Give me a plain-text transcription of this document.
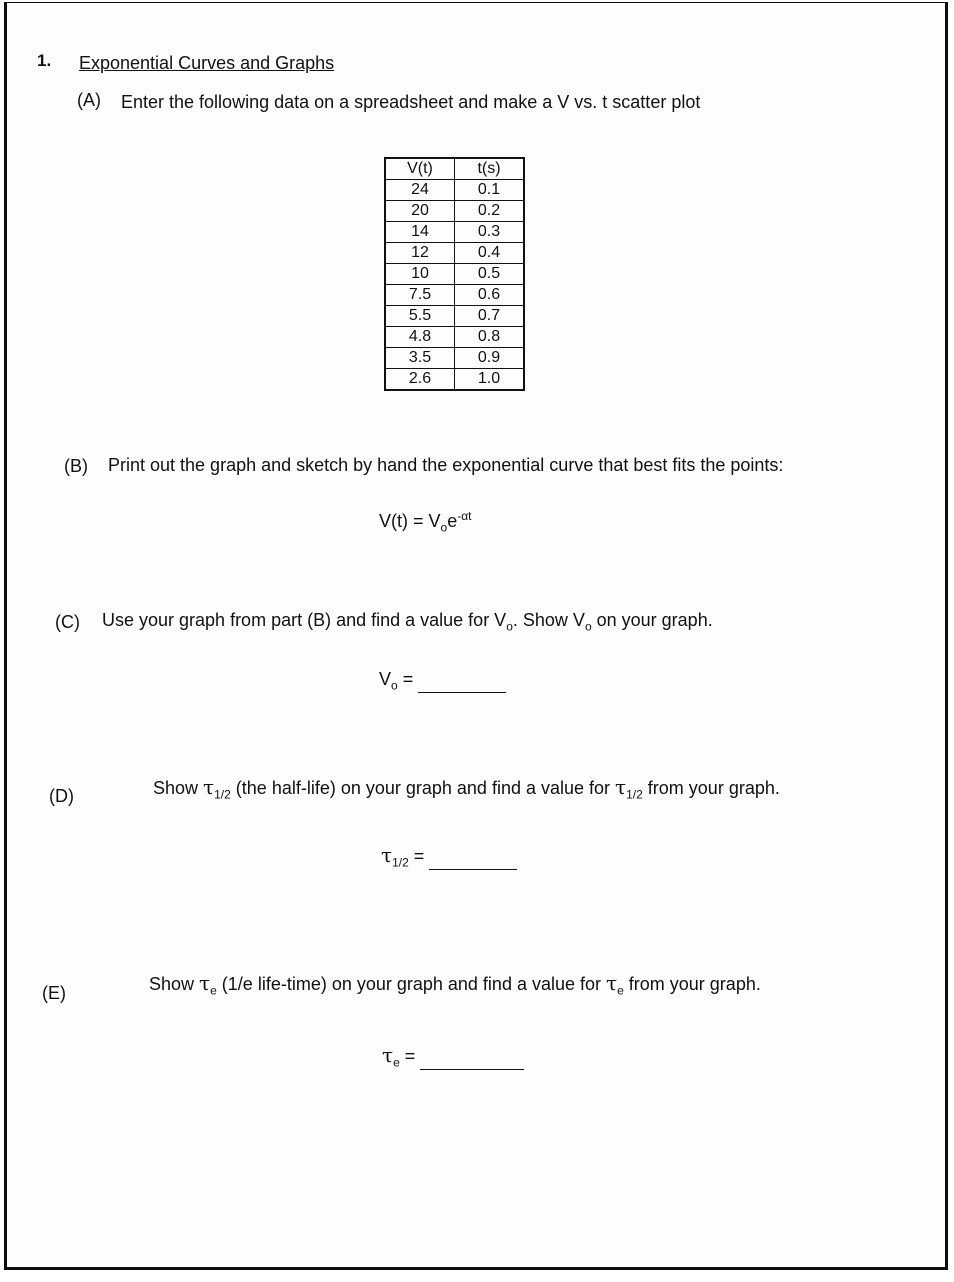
1. Exponential Curves and Graphs
(A) Enter the following data on a spreadsheet and make a V vs. t scatter plot
V(t)	t(s)
24	0.1
20	0.2
14	0.3
12	0.4
10	0.5
7.5	0.6
5.5	0.7
4.8	0.8
3.5	0.9
2.6	1.0
(B) Print out the graph and sketch by hand the exponential curve that best fits the points:
$V(t) = V_oe^{-\alpha t}$
(C) Use your graph from part (B) and find a value for $V_o$. Show $V_o$ on your graph.
$V_o$ =
(D)	Show $\tau_{1/2}$ (the half-life) on your graph and find a value for $\tau_{1/2}$ from your graph.
$\tau_{1/2}$ =
(E)	Show $\tau_e$ (1/e life-time) on your graph and find a value for $\tau_e$ from your graph.
$\tau_e$ =
